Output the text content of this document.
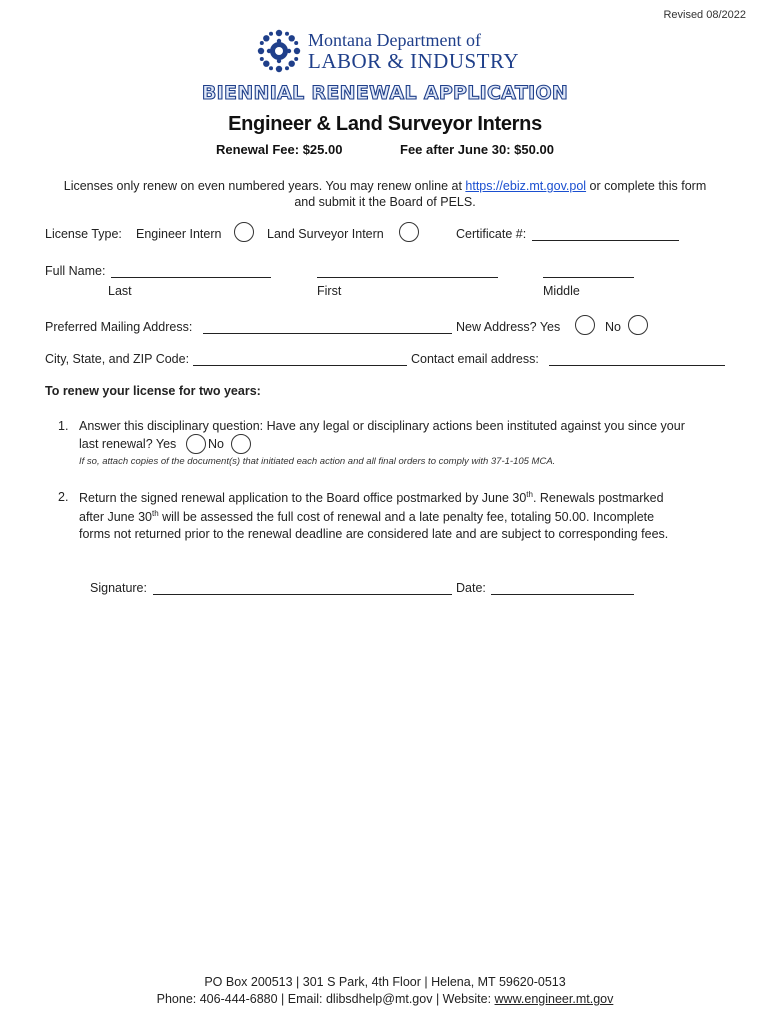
Revised 08/2022
Montana Department of
LABOR & INDUSTRY
BIENNIAL RENEWAL APPLICATION
Engineer & Land Surveyor Interns
Renewal Fee: $25.00	Fee after June 30: $50.00
Licenses only renew on even numbered years. You may renew online at https://ebiz.mt.gov.pol or complete this form
and submit it the Board of PELS.
License Type: Engineer Intern	Land Surveyor Intern	Certificate #:
Full Name:
Last	First	Middle
Preferred Mailing Address:	New Address? Yes	No
City, State, and ZIP Code:	Contact email address:
To renew your license for two years:
1. Answer this disciplinary question: Have any legal or disciplinary actions been instituted against you since your
last renewal? Yes	No
If so, attach copies of the document(s) that initiated each action and all final orders to comply with 37-1-105 MCA.
2. Return the signed renewal application to the Board office postmarked by June 30th. Renewals postmarked
after June 30th will be assessed the full cost of renewal and a late penalty fee, totaling 50.00. Incomplete
forms not returned prior to the renewal deadline are considered late and are subject to corresponding fees.
Signature:	Date:
PO Box 200513 | 301 S Park, 4th Floor | Helena, MT 59620-0513
Phone: 406-444-6880 | Email: dlibsdhelp@mt.gov | Website: www.engineer.mt.gov
